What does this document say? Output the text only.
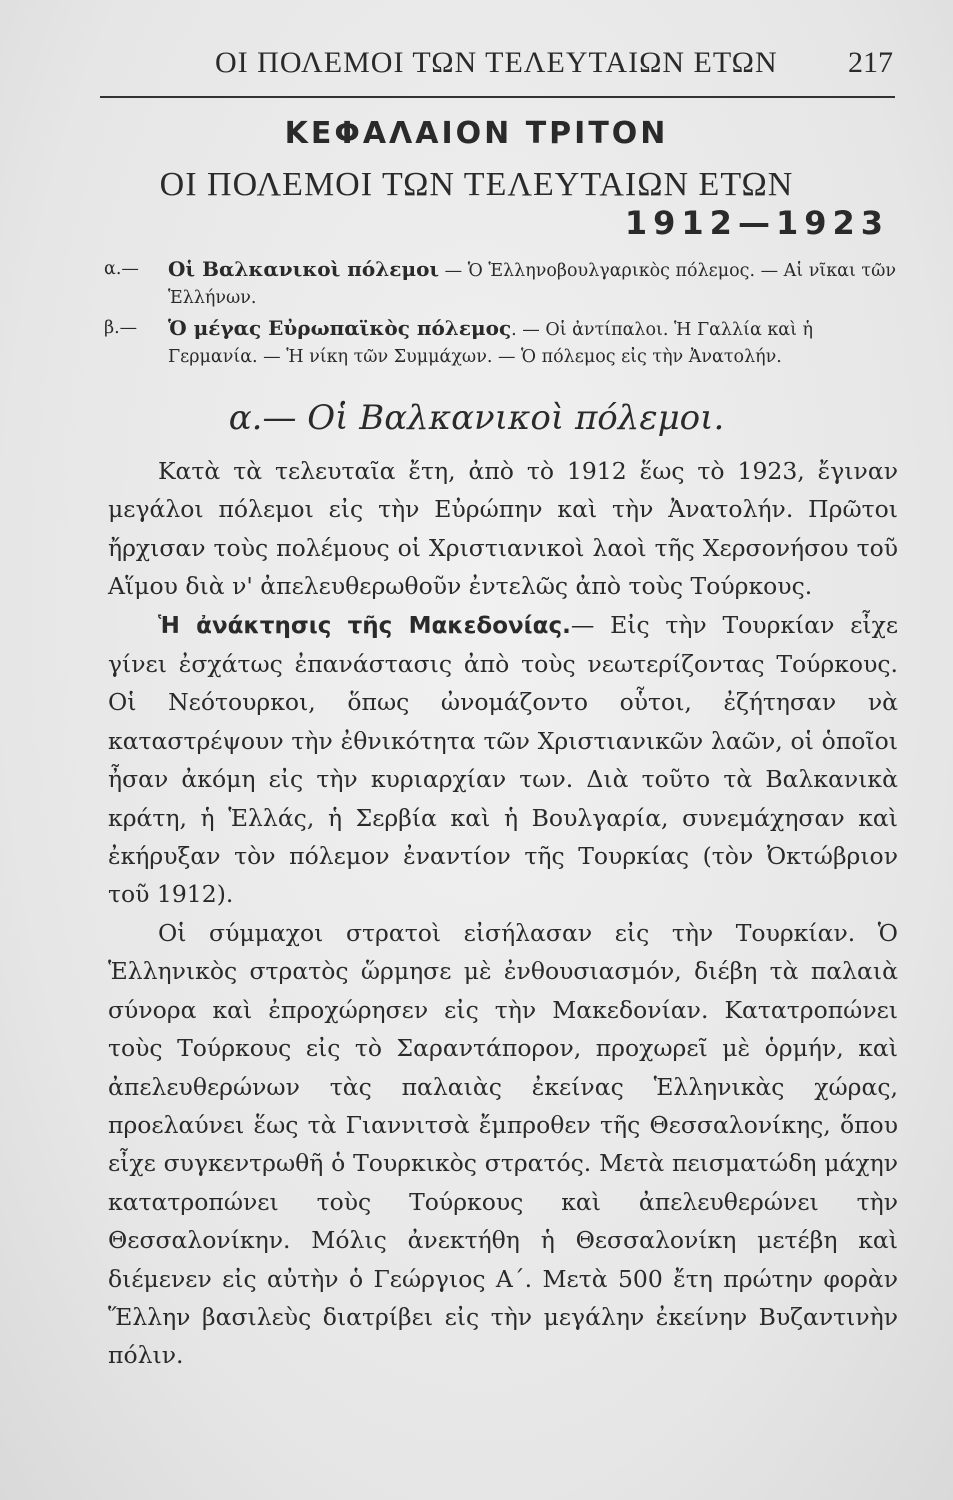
ΟΙ ΠΟΛΕΜΟΙ ΤΩΝ ΤΕΛΕΥΤΑΙΩΝ ΕΤΩΝ 217
ΚΕΦΑΛΑΙΟΝ ΤΡΙΤΟΝ
ΟΙ ΠΟΛΕΜΟΙ ΤΩΝ ΤΕΛΕΥΤΑΙΩΝ ΕΤΩΝ
1912—1923
α.— Οἱ Βαλκανικοὶ πόλεμοι — Ὁ Ἑλληνοβουλγαρικὸς πόλεμος. — Αἱ νῖκαι τῶν Ἑλλήνων.
β.— Ὁ μέγας Εὐρωπαϊκὸς πόλεμος. — Οἱ ἀντίπαλοι. Ἡ Γαλλία καὶ ἡ Γερμανία. — Ἡ νίκη τῶν Συμμάχων. — Ὁ πόλεμος εἰς τὴν Ἀνατολήν.
α.— Οἱ Βαλκανικοὶ πόλεμοι.

Κατὰ τὰ τελευταῖα ἔτη, ἀπὸ τὸ 1912 ἕως τὸ 1923, ἔγιναν μεγάλοι πόλεμοι εἰς τὴν Εὐρώπην καὶ τὴν Ἀνατολήν. Πρῶτοι ἤρχισαν τοὺς πολέμους οἱ Χριστιανικοὶ λαοὶ τῆς Χερσονήσου τοῦ Αἵμου διὰ ν' ἀπελευθερωθοῦν ἐντελῶς ἀπὸ τοὺς Τούρκους.

Ἡ ἀνάκτησις τῆς Μακεδονίας.— Εἰς τὴν Τουρκίαν εἶχε γίνει ἐσχάτως ἐπανάστασις ἀπὸ τοὺς νεωτερίζοντας Τούρκους. Οἱ Νεότουρκοι, ὅπως ὠνομάζοντο οὗτοι, ἐζήτησαν νὰ καταστρέψουν τὴν ἐθνικότητα τῶν Χριστιανικῶν λαῶν, οἱ ὁποῖοι ἦσαν ἀκόμη εἰς τὴν κυριαρχίαν των. Διὰ τοῦτο τὰ Βαλκανικὰ κράτη, ἡ Ἑλλάς, ἡ Σερβία καὶ ἡ Βουλγαρία, συνεμάχησαν καὶ ἐκήρυξαν τὸν πόλεμον ἐναντίον τῆς Τουρκίας (τὸν Ὀκτώβριον τοῦ 1912).

Οἱ σύμμαχοι στρατοὶ εἰσήλασαν εἰς τὴν Τουρκίαν. Ὁ Ἑλληνικὸς στρατὸς ὥρμησε μὲ ἐνθουσιασμόν, διέβη τὰ παλαιὰ σύνορα καὶ ἐπροχώρησεν εἰς τὴν Μακεδονίαν. Κατατροπώνει τοὺς Τούρκους εἰς τὸ Σαραντάπορον, προχωρεῖ μὲ ὁρμήν, καὶ ἀπελευθερώνων τὰς παλαιὰς ἐκείνας Ἑλληνικὰς χώρας, προελαύνει ἕως τὰ Γιαννιτσὰ ἔμπροθεν τῆς Θεσσαλονίκης, ὅπου εἶχε συγκεντρωθῆ ὁ Τουρκικὸς στρατός. Μετὰ πεισματώδη μάχην κατατροπώνει τοὺς Τούρκους καὶ ἀπελευθερώνει τὴν Θεσσαλονίκην. Μόλις ἀνεκτήθη ἡ Θεσσαλονίκη μετέβη καὶ διέμενεν εἰς αὐτὴν ὁ Γεώργιος Α΄. Μετὰ 500 ἔτη πρώτην φορὰν Ἕλλην βασιλεὺς διατρίβει εἰς τὴν μεγάλην ἐκείνην Βυζαντινὴν πόλιν.
